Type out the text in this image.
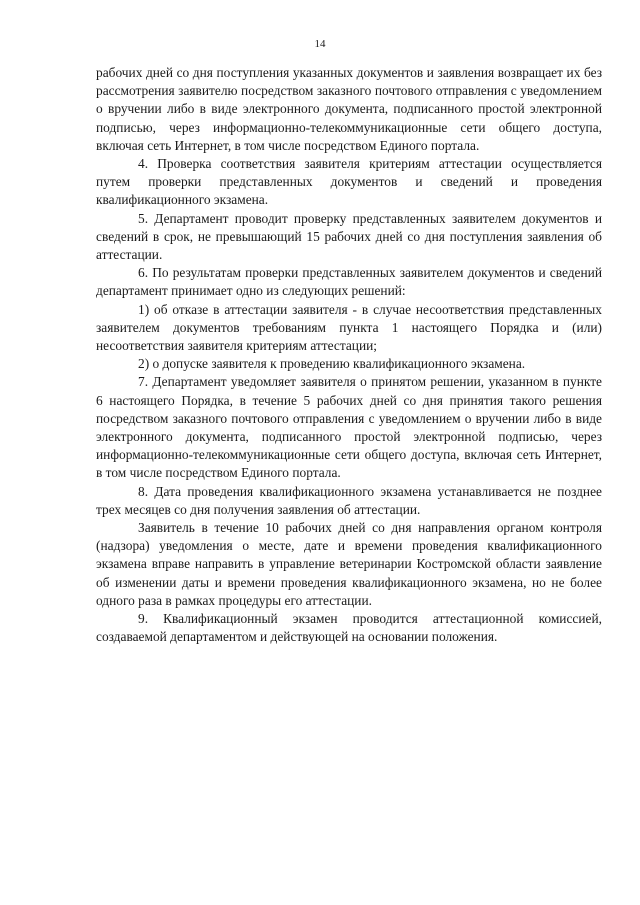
14

рабочих дней со дня поступления указанных документов и заявления возвращает их без рассмотрения заявителю посредством заказного почтового отправления с уведомлением о вручении либо в виде электронного документа, подписанного простой электронной подписью, через информационно-телекоммуникационные сети общего доступа, включая сеть Интернет, в том числе посредством Единого портала.

4. Проверка соответствия заявителя критериям аттестации осуществляется путем проверки представленных документов и сведений и проведения квалификационного экзамена.

5. Департамент проводит проверку представленных заявителем документов и сведений в срок, не превышающий 15 рабочих дней со дня поступления заявления об аттестации.

6. По результатам проверки представленных заявителем документов и сведений департамент принимает одно из следующих решений:

1) об отказе в аттестации заявителя - в случае несоответствия представленных заявителем документов требованиям пункта 1 настоящего Порядка и (или) несоответствия заявителя критериям аттестации;

2) о допуске заявителя к проведению квалификационного экзамена.

7. Департамент уведомляет заявителя о принятом решении, указанном в пункте 6 настоящего Порядка, в течение 5 рабочих дней со дня принятия такого решения посредством заказного почтового отправления с уведомлением о вручении либо в виде электронного документа, подписанного простой электронной подписью, через информационно-телекоммуникационные сети общего доступа, включая сеть Интернет, в том числе посредством Единого портала.

8. Дата проведения квалификационного экзамена устанавливается не позднее трех месяцев со дня получения заявления об аттестации.

Заявитель в течение 10 рабочих дней со дня направления органом контроля (надзора) уведомления о месте, дате и времени проведения квалификационного экзамена вправе направить в управление ветеринарии Костромской области заявление об изменении даты и времени проведения квалификационного экзамена, но не более одного раза в рамках процедуры его аттестации.

9. Квалификационный экзамен проводится аттестационной комиссией, создаваемой департаментом и действующей на основании положения.
